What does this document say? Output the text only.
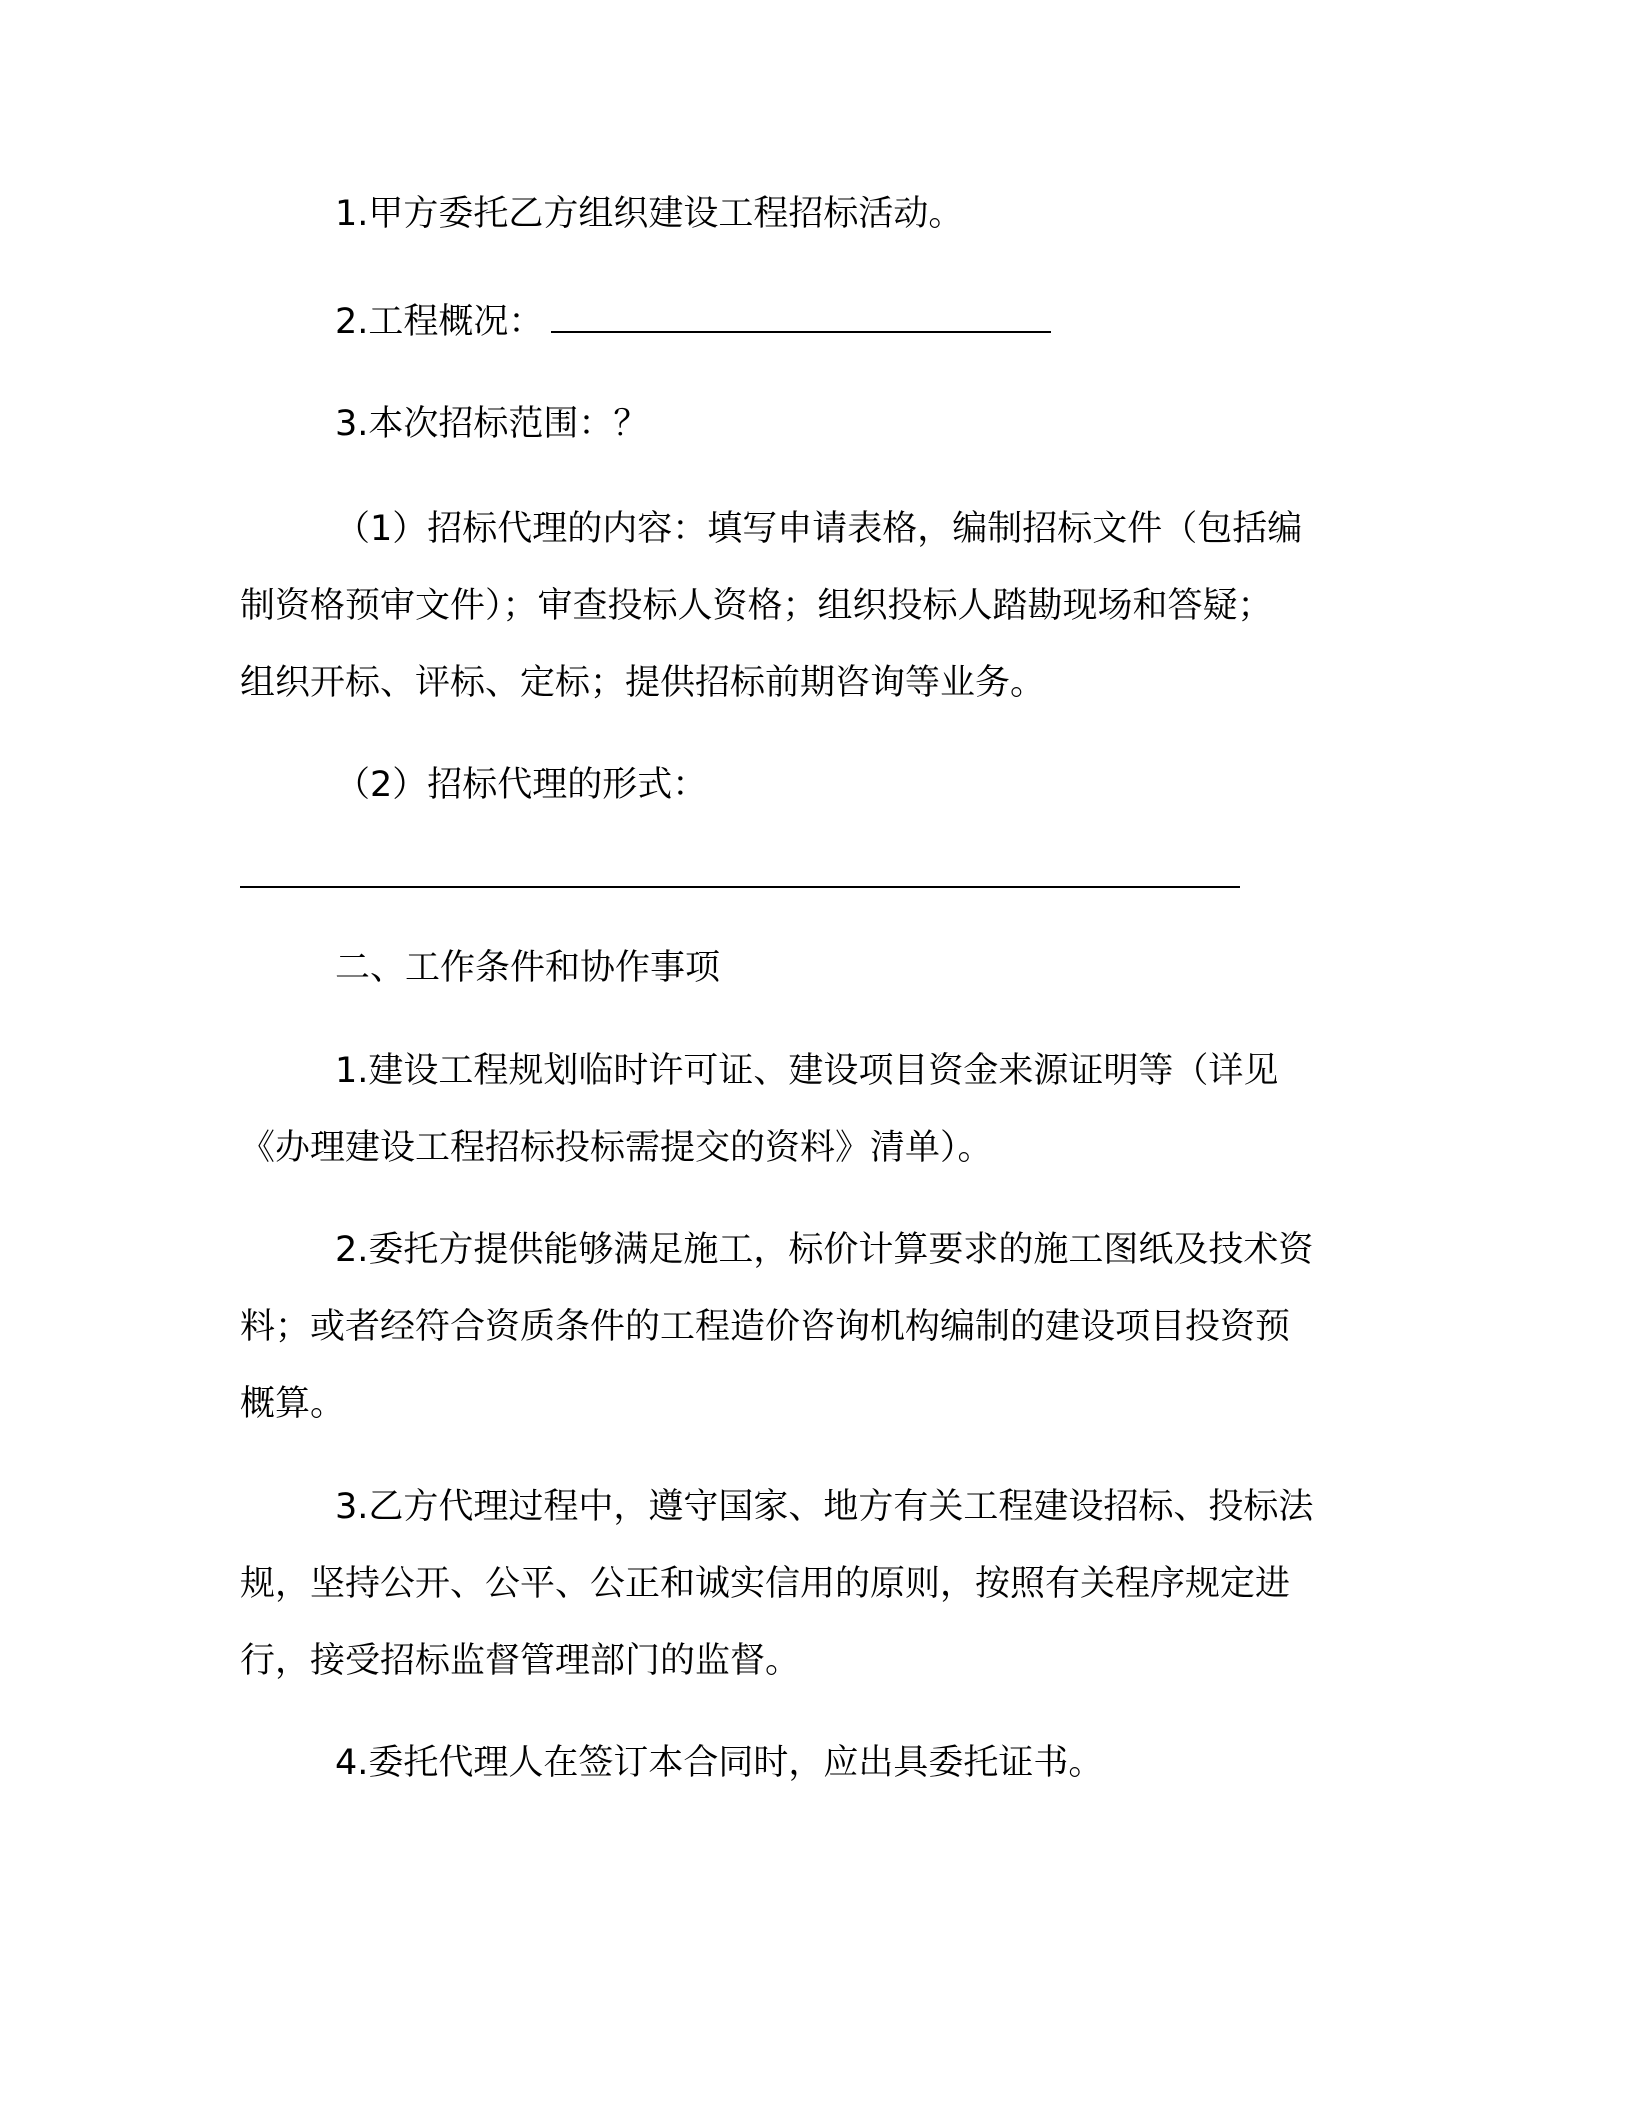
1.甲方委托乙方组织建设工程招标活动。

2.工程概况：

3.本次招标范围：？

（1）招标代理的内容：填写申请表格，编制招标文件（包括编
制资格预审文件）；审查投标人资格；组织投标人踏勘现场和答疑；
组织开标、评标、定标；提供招标前期咨询等业务。

（2）招标代理的形式：

二、工作条件和协作事项

1.建设工程规划临时许可证、建设项目资金来源证明等（详见
《办理建设工程招标投标需提交的资料》清单）。

2.委托方提供能够满足施工，标价计算要求的施工图纸及技术资
料；或者经符合资质条件的工程造价咨询机构编制的建设项目投资预
概算。

3.乙方代理过程中，遵守国家、地方有关工程建设招标、投标法
规，坚持公开、公平、公正和诚实信用的原则，按照有关程序规定进
行，接受招标监督管理部门的监督。

4.委托代理人在签订本合同时，应出具委托证书。
